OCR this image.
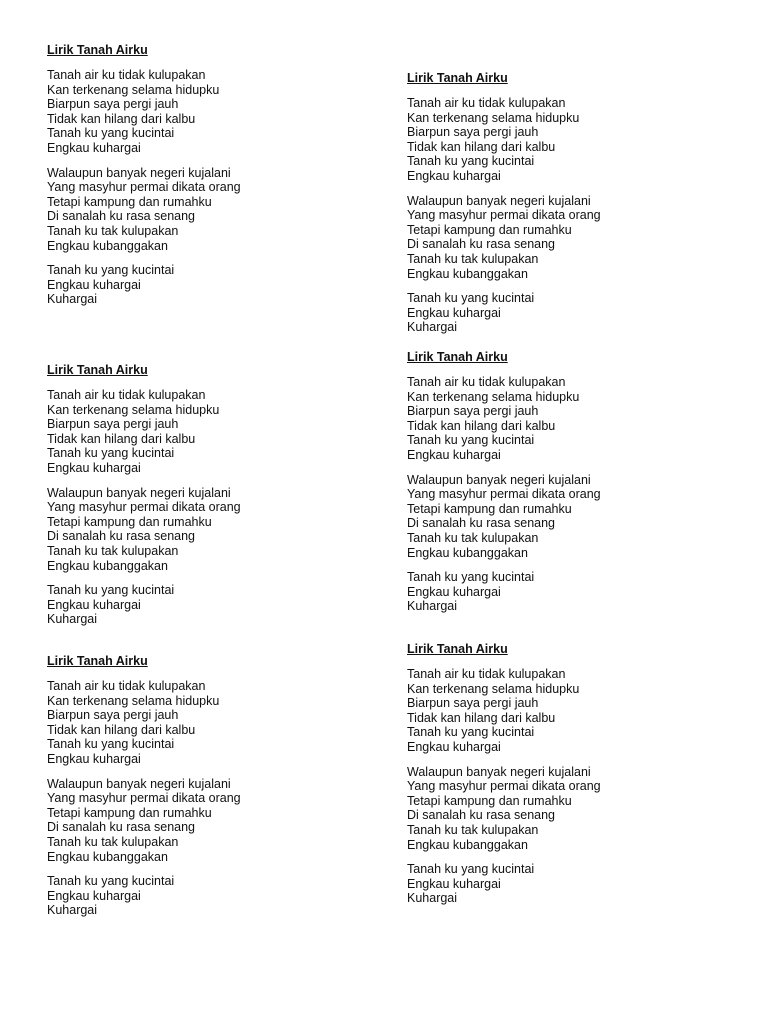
Lirik Tanah Airku
Tanah air ku tidak kulupakan
Kan terkenang selama hidupku
Biarpun saya pergi jauh
Tidak kan hilang dari kalbu
Tanah ku yang kucintai
Engkau kuhargai
Walaupun banyak negeri kujalani
Yang masyhur permai dikata orang
Tetapi kampung dan rumahku
Di sanalah ku rasa senang
Tanah ku tak kulupakan
Engkau kubanggakan
Tanah ku yang kucintai
Engkau kuhargai
Kuhargai
Lirik Tanah Airku
Tanah air ku tidak kulupakan
Kan terkenang selama hidupku
Biarpun saya pergi jauh
Tidak kan hilang dari kalbu
Tanah ku yang kucintai
Engkau kuhargai
Walaupun banyak negeri kujalani
Yang masyhur permai dikata orang
Tetapi kampung dan rumahku
Di sanalah ku rasa senang
Tanah ku tak kulupakan
Engkau kubanggakan
Tanah ku yang kucintai
Engkau kuhargai
Kuhargai
Lirik Tanah Airku
Tanah air ku tidak kulupakan
Kan terkenang selama hidupku
Biarpun saya pergi jauh
Tidak kan hilang dari kalbu
Tanah ku yang kucintai
Engkau kuhargai
Walaupun banyak negeri kujalani
Yang masyhur permai dikata orang
Tetapi kampung dan rumahku
Di sanalah ku rasa senang
Tanah ku tak kulupakan
Engkau kubanggakan
Tanah ku yang kucintai
Engkau kuhargai
Kuhargai
Lirik Tanah Airku
Tanah air ku tidak kulupakan
Kan terkenang selama hidupku
Biarpun saya pergi jauh
Tidak kan hilang dari kalbu
Tanah ku yang kucintai
Engkau kuhargai
Walaupun banyak negeri kujalani
Yang masyhur permai dikata orang
Tetapi kampung dan rumahku
Di sanalah ku rasa senang
Tanah ku tak kulupakan
Engkau kubanggakan
Tanah ku yang kucintai
Engkau kuhargai
Kuhargai
Lirik Tanah Airku
Tanah air ku tidak kulupakan
Kan terkenang selama hidupku
Biarpun saya pergi jauh
Tidak kan hilang dari kalbu
Tanah ku yang kucintai
Engkau kuhargai
Walaupun banyak negeri kujalani
Yang masyhur permai dikata orang
Tetapi kampung dan rumahku
Di sanalah ku rasa senang
Tanah ku tak kulupakan
Engkau kubanggakan
Tanah ku yang kucintai
Engkau kuhargai
Kuhargai
Lirik Tanah Airku
Tanah air ku tidak kulupakan
Kan terkenang selama hidupku
Biarpun saya pergi jauh
Tidak kan hilang dari kalbu
Tanah ku yang kucintai
Engkau kuhargai
Walaupun banyak negeri kujalani
Yang masyhur permai dikata orang
Tetapi kampung dan rumahku
Di sanalah ku rasa senang
Tanah ku tak kulupakan
Engkau kubanggakan
Tanah ku yang kucintai
Engkau kuhargai
Kuhargai
